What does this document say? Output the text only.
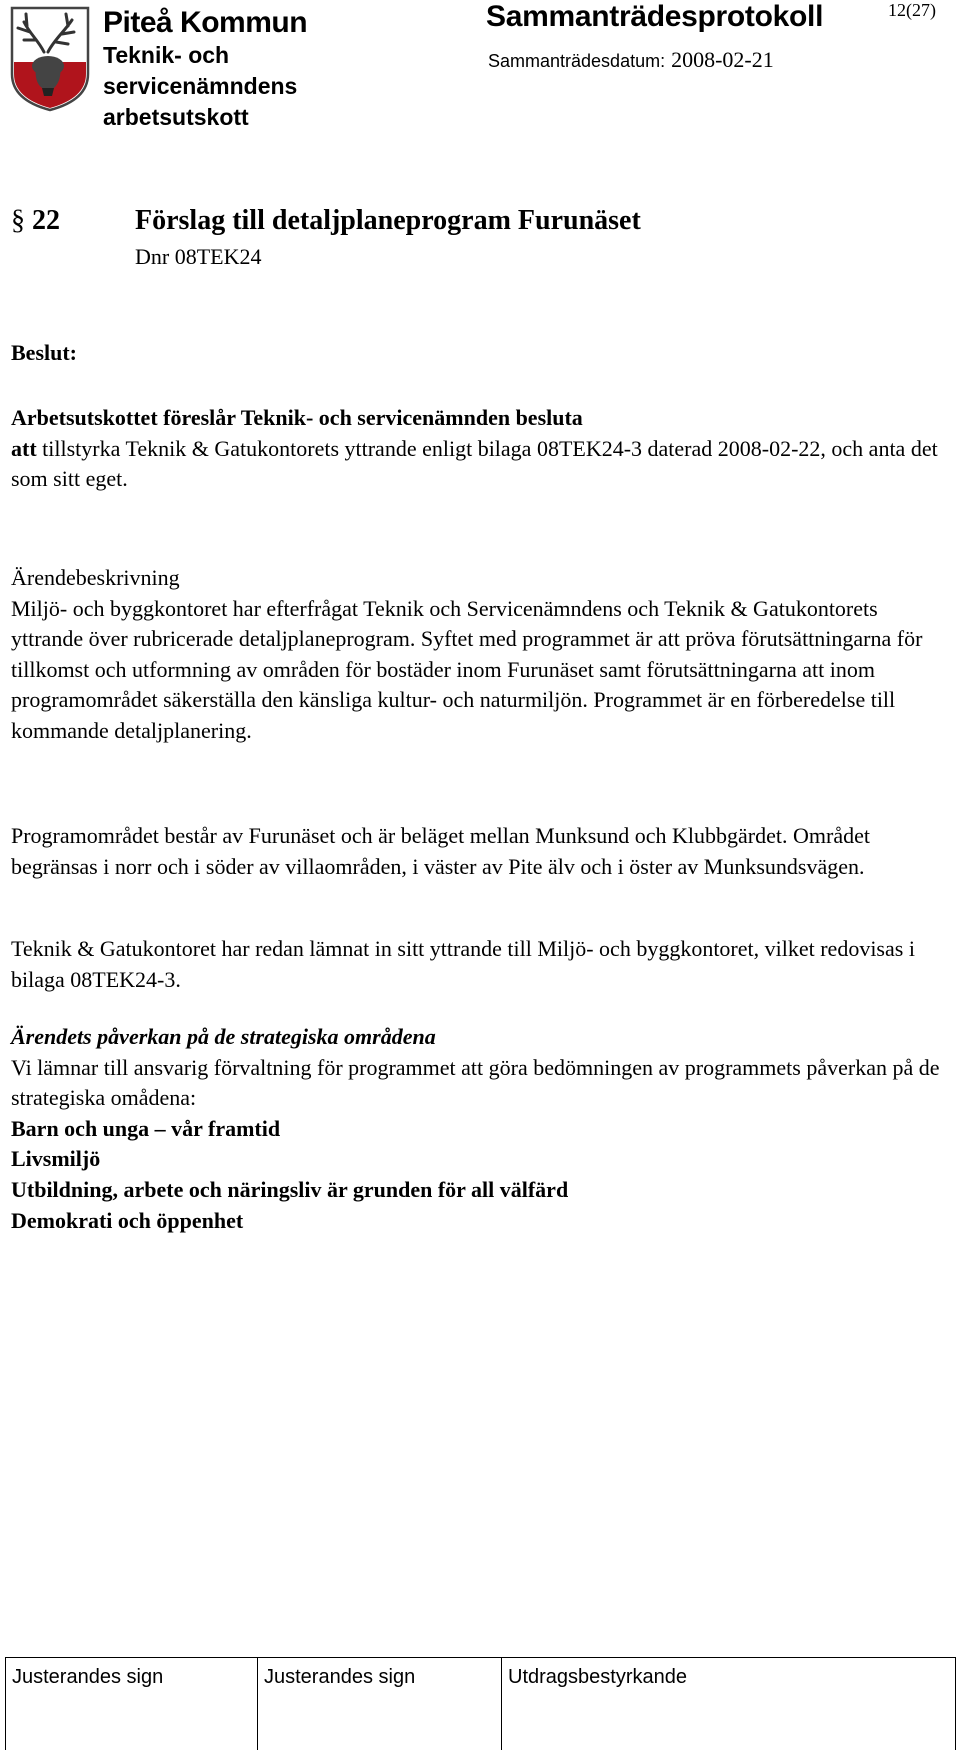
Piteå Kommun
Teknik- och
servicenämndens
arbetsutskott
Sammanträdesprotokoll	12(27)
Sammanträdesdatum: 2008-02-21
§ 22	Förslag till detaljplaneprogram Furunäset
Dnr 08TEK24
Beslut:

Arbetsutskottet föreslår Teknik- och servicenämnden besluta

att tillstyrka Teknik & Gatukontorets yttrande enligt bilaga 08TEK24-3 daterad 2008-02-22, och anta det som sitt eget.

Ärendebeskrivning

Miljö- och byggkontoret har efterfrågat Teknik och Servicenämndens och Teknik & Gatukontorets yttrande över rubricerade detaljplaneprogram. Syftet med programmet är att pröva förutsättningarna för tillkomst och utformning av områden för bostäder inom Furunäset samt förutsättningarna att inom programområdet säkerställa den känsliga kultur- och naturmiljön. Programmet är en förberedelse till kommande detaljplanering.

Programområdet består av Furunäset och är beläget mellan Munksund och Klubbgärdet. Området begränsas i norr och i söder av villaområden, i väster av Pite älv och i öster av Munksundsvägen.

Teknik & Gatukontoret har redan lämnat in sitt yttrande till Miljö- och byggkontoret, vilket redovisas i bilaga 08TEK24-3.

Ärendets påverkan på de strategiska områdena

Vi lämnar till ansvarig förvaltning för programmet att göra bedömningen av programmets påverkan på de strategiska omådena:

Barn och unga – vår framtid

Livsmiljö

Utbildning, arbete och näringsliv är grunden för all välfärd

Demokrati och öppenhet

Justerandes sign	Justerandes sign	Utdragsbestyrkande
